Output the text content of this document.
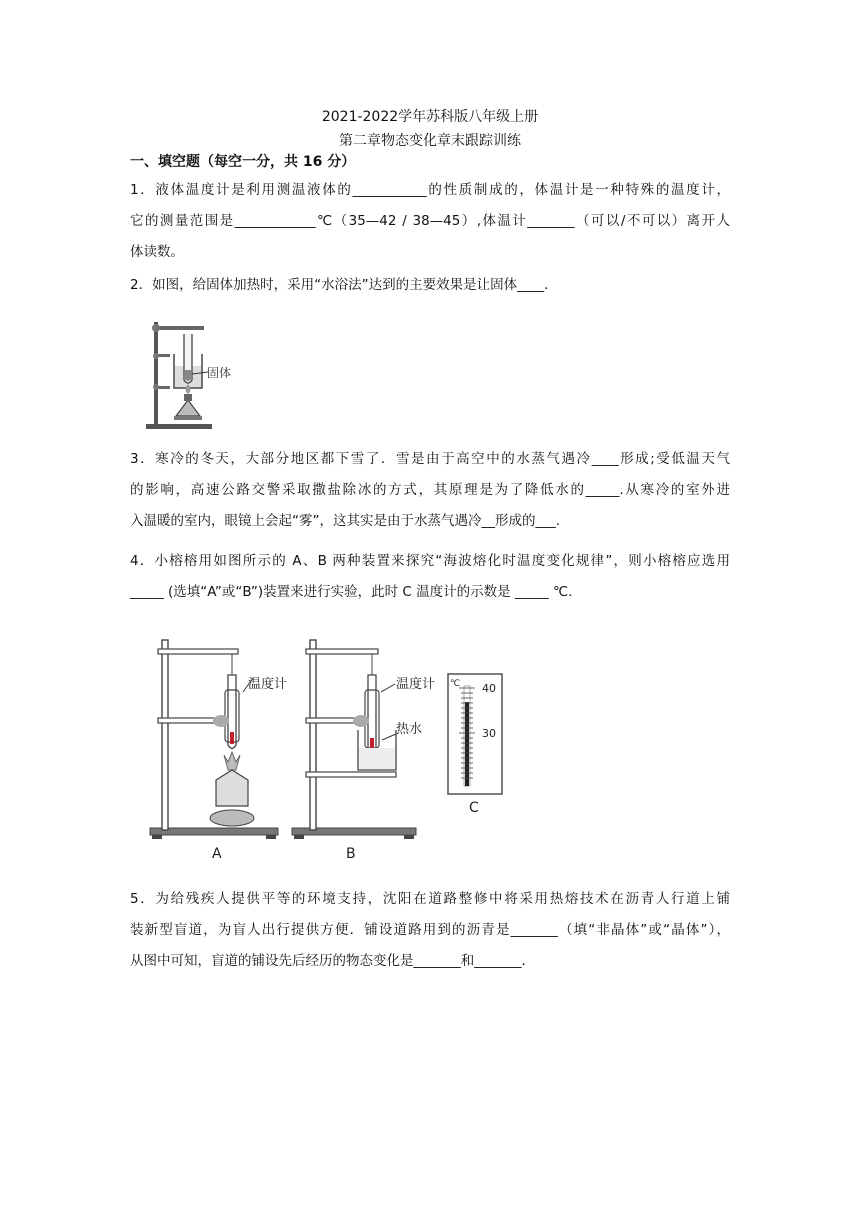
2021-2022学年苏科版八年级上册
第二章物态变化章末跟踪训练
一、填空题（每空一分，共 16 分）
1．液体温度计是利用测温液体的___________的性质制成的，体温计是一种特殊的温度计，
它的测量范围是____________℃（35—42 / 38—45）,体温计_______（可以/不可以）离开人
体读数。
2．如图，给固体加热时，采用“水浴法”达到的主要效果是让固体____．
固体
3．寒冷的冬天，大部分地区都下雪了．雪是由于高空中的水蒸气遇冷____形成;受低温天气
的影响，高速公路交警采取撒盐除冰的方式，其原理是为了降低水的_____.从寒冷的室外进
入温暖的室内，眼镜上会起“雾”，这其实是由于水蒸气遇冷__形成的___.
4．小榕榕用如图所示的 A、B 两种装置来探究“海波熔化时温度变化规律”，则小榕榕应选用
_____ (选填“A”或“B”)装置来进行实验，此时 C 温度计的示数是 _____ ℃．
温度计
A
温度计
热水
B
℃ 40
30
C
5．为给残疾人提供平等的环境支持，沈阳在道路整修中将采用热熔技术在沥青人行道上铺
装新型盲道，为盲人出行提供方便．铺设道路用到的沥青是_______（填“非晶体”或“晶体”），
从图中可知，盲道的铺设先后经历的物态变化是_______和_______．
